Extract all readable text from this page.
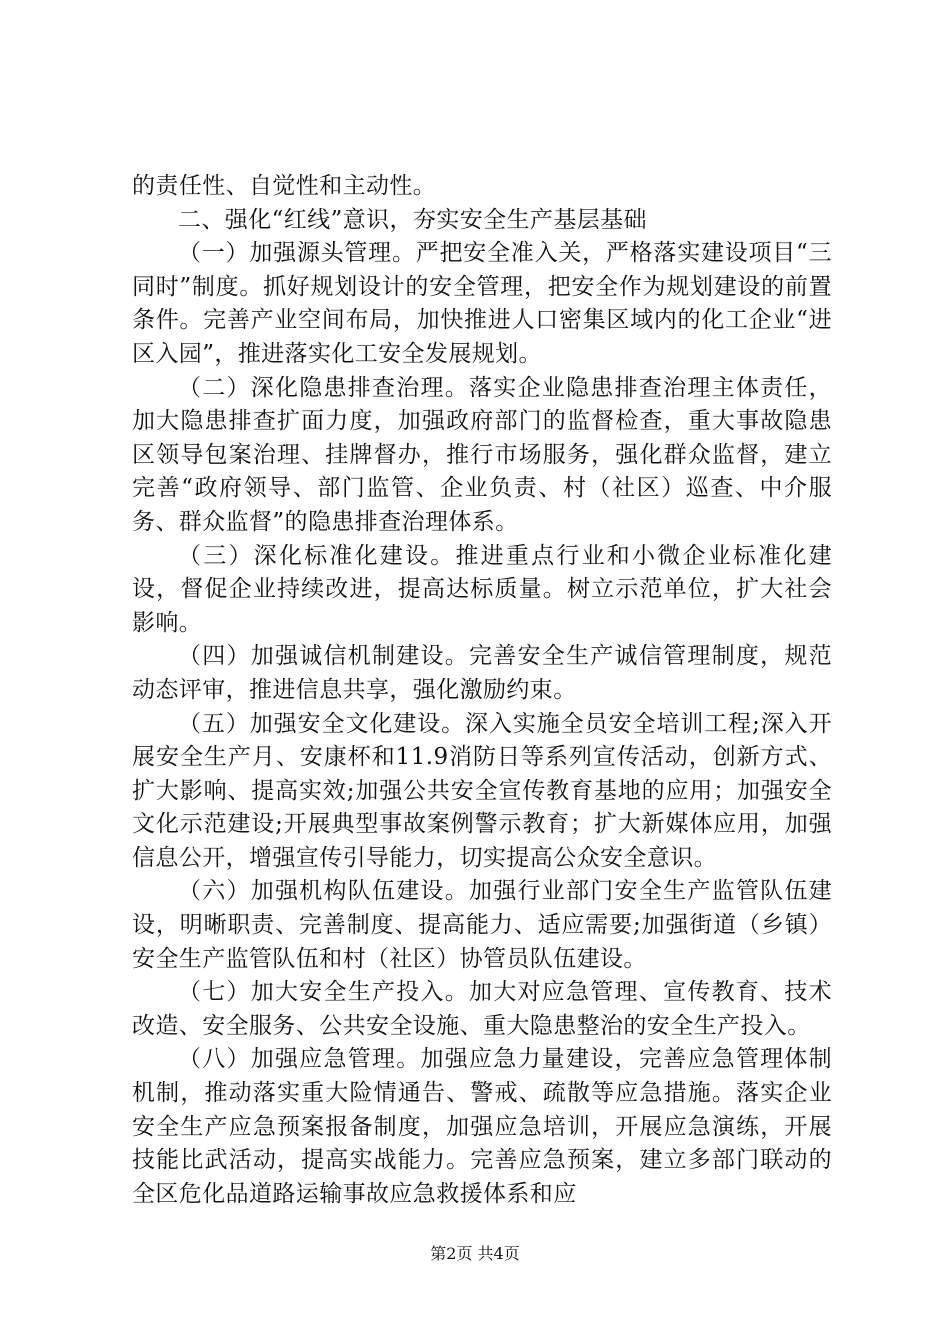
的责任性、自觉性和主动性。

二、强化“红线”意识，夯实安全生产基层基础

（一）加强源头管理。严把安全准入关，严格落实建设项目“三同时”制度。抓好规划设计的安全管理，把安全作为规划建设的前置条件。完善产业空间布局，加快推进人口密集区域内的化工企业“进区入园”，推进落实化工安全发展规划。

（二）深化隐患排查治理。落实企业隐患排查治理主体责任，加大隐患排查扩面力度，加强政府部门的监督检查，重大事故隐患区领导包案治理、挂牌督办，推行市场服务，强化群众监督，建立完善“政府领导、部门监管、企业负责、村（社区）巡查、中介服务、群众监督”的隐患排查治理体系。

（三）深化标准化建设。推进重点行业和小微企业标准化建设，督促企业持续改进，提高达标质量。树立示范单位，扩大社会影响。

（四）加强诚信机制建设。完善安全生产诚信管理制度，规范动态评审，推进信息共享，强化激励约束。

（五）加强安全文化建设。深入实施全员安全培训工程;深入开展安全生产月、安康杯和11.9消防日等系列宣传活动，创新方式、扩大影响、提高实效;加强公共安全宣传教育基地的应用；加强安全文化示范建设;开展典型事故案例警示教育；扩大新媒体应用，加强信息公开，增强宣传引导能力，切实提高公众安全意识。

（六）加强机构队伍建设。加强行业部门安全生产监管队伍建设，明晰职责、完善制度、提高能力、适应需要;加强街道（乡镇）安全生产监管队伍和村（社区）协管员队伍建设。

（七）加大安全生产投入。加大对应急管理、宣传教育、技术改造、安全服务、公共安全设施、重大隐患整治的安全生产投入。

（八）加强应急管理。加强应急力量建设，完善应急管理体制机制，推动落实重大险情通告、警戒、疏散等应急措施。落实企业安全生产应急预案报备制度，加强应急培训，开展应急演练，开展技能比武活动，提高实战能力。完善应急预案，建立多部门联动的全区危化品道路运输事故应急救援体系和应

第2页 共4页
